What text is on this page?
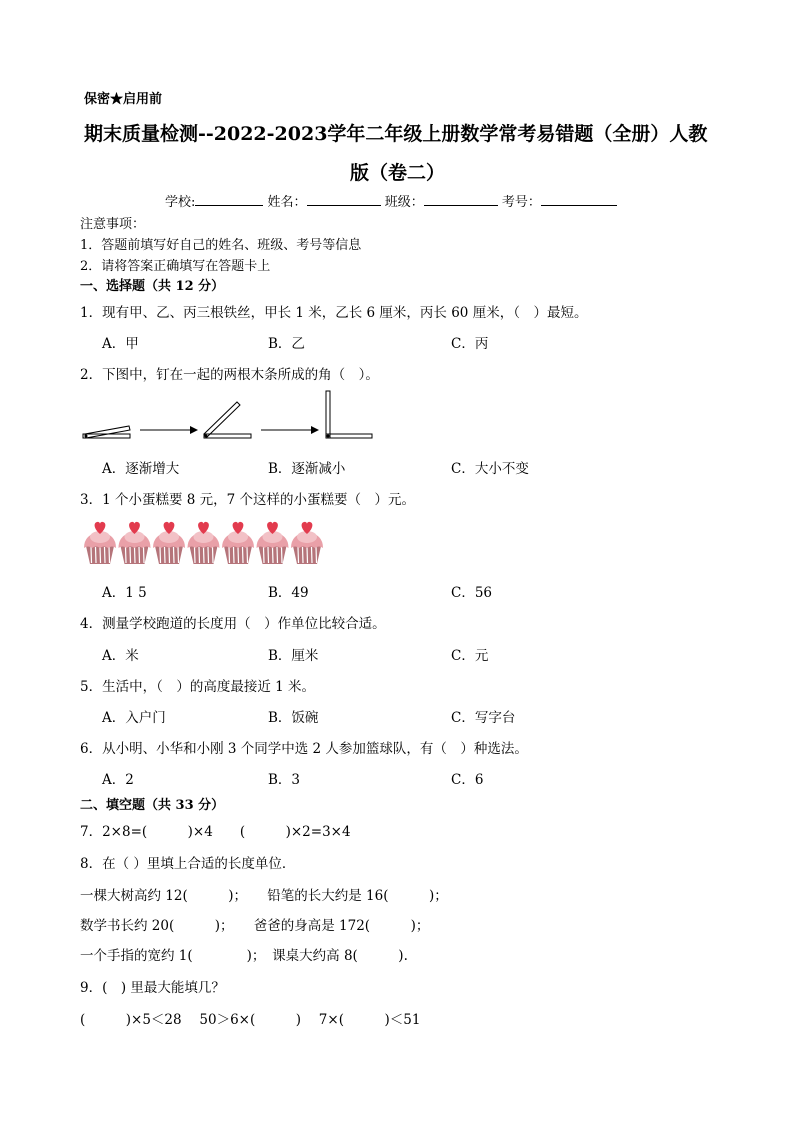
保密★启用前
期末质量检测--2022-2023学年二年级上册数学常考易错题（全册）人教
版（卷二）
学校:	姓名：	班级：	考号：
注意事项：
1．答题前填写好自己的姓名、班级、考号等信息
2．请将答案正确填写在答题卡上
一、选择题（共 12 分）
1．现有甲、乙、丙三根铁丝，甲长 1 米，乙长 6 厘米，丙长 60 厘米，（　）最短。
A．甲	B．乙	C．丙
2．下图中，钉在一起的两根木条所成的角（　）。
A．逐渐增大	B．逐渐减小	C．大小不变
3．1 个小蛋糕要 8 元，7 个这样的小蛋糕要（　）元。
A．1 5	B．49	C．56
4．测量学校跑道的长度用（　）作单位比较合适。
A．米	B．厘米	C．元
5．生活中，（　）的高度最接近 1 米。
A．入户门	B．饭碗	C．写字台
6．从小明、小华和小刚 3 个同学中选 2 人参加篮球队，有（　）种选法。
A．2	B．3	C．6
二、填空题（共 33 分）
7．2×8=(　　　)×4　　(　　　)×2=3×4
8．在（ ）里填上合适的长度单位．
一棵大树高约 12(　　　)；　　铅笔的长大约是 16(　　　)；
数学书长约 20(　　　)；　　爸爸的身高是 172(　　　)；
一个手指的宽约 1(　　　　)；　课桌大约高 8(　　　).
9．(　) 里最大能填几？
(　　　)×5＜28　 50＞6×(　　　)　 7×(　　　)＜51
